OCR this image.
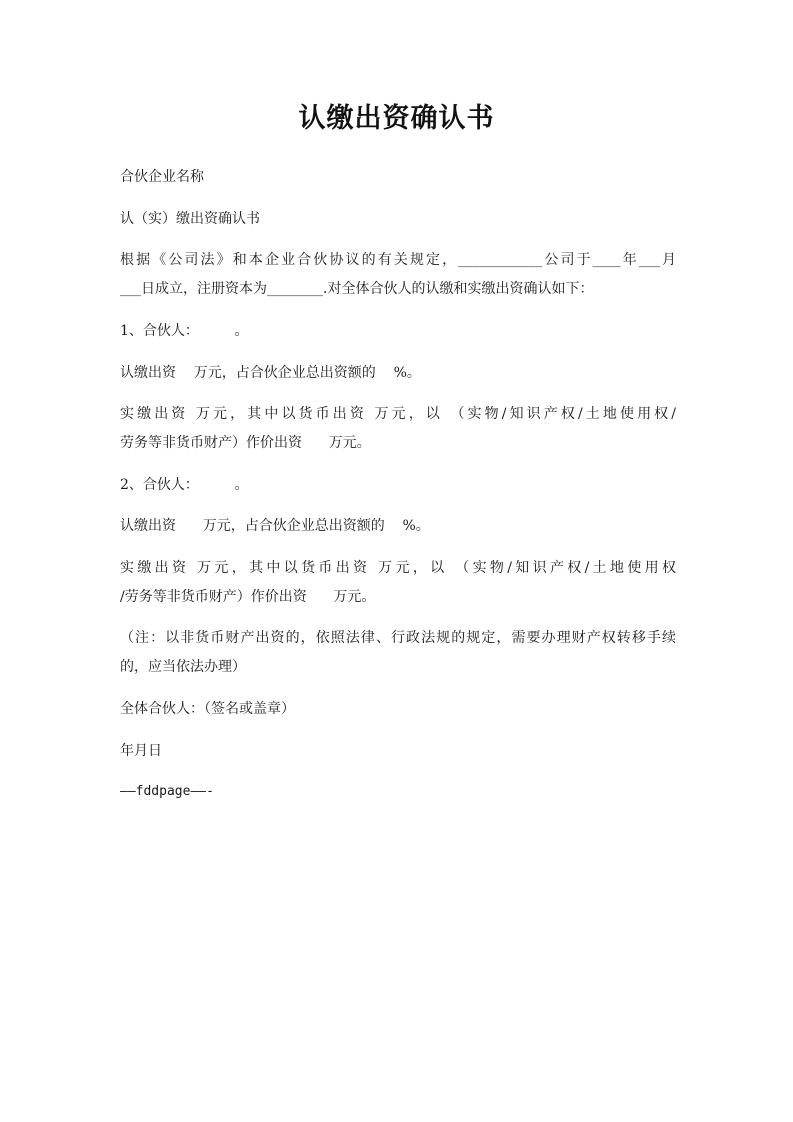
认缴出资确认书
合伙企业名称
认（实）缴出资确认书
根据《公司法》和本企业合伙协议的有关规定，____________公司于____年___月
___日成立，注册资本为________.对全体合伙人的认缴和实缴出资确认如下：
1、合伙人：        。
认缴出资    万元，占合伙企业总出资额的    %。
实缴出资 万元，其中以货币出资 万元，以 （实物/知识产权/土地使用权/
劳务等非货币财产）作价出资      万元。
2、合伙人：        。
认缴出资      万元，占合伙企业总出资额的    %。
实缴出资 万元，其中以货币出资 万元，以 （实物/知识产权/土地使用权
/劳务等非货币财产）作价出资      万元。
（注：以非货币财产出资的，依照法律、行政法规的规定，需要办理财产权转移手续
的，应当依法办理）
全体合伙人：（签名或盖章）
年月日
——fddpage——-
